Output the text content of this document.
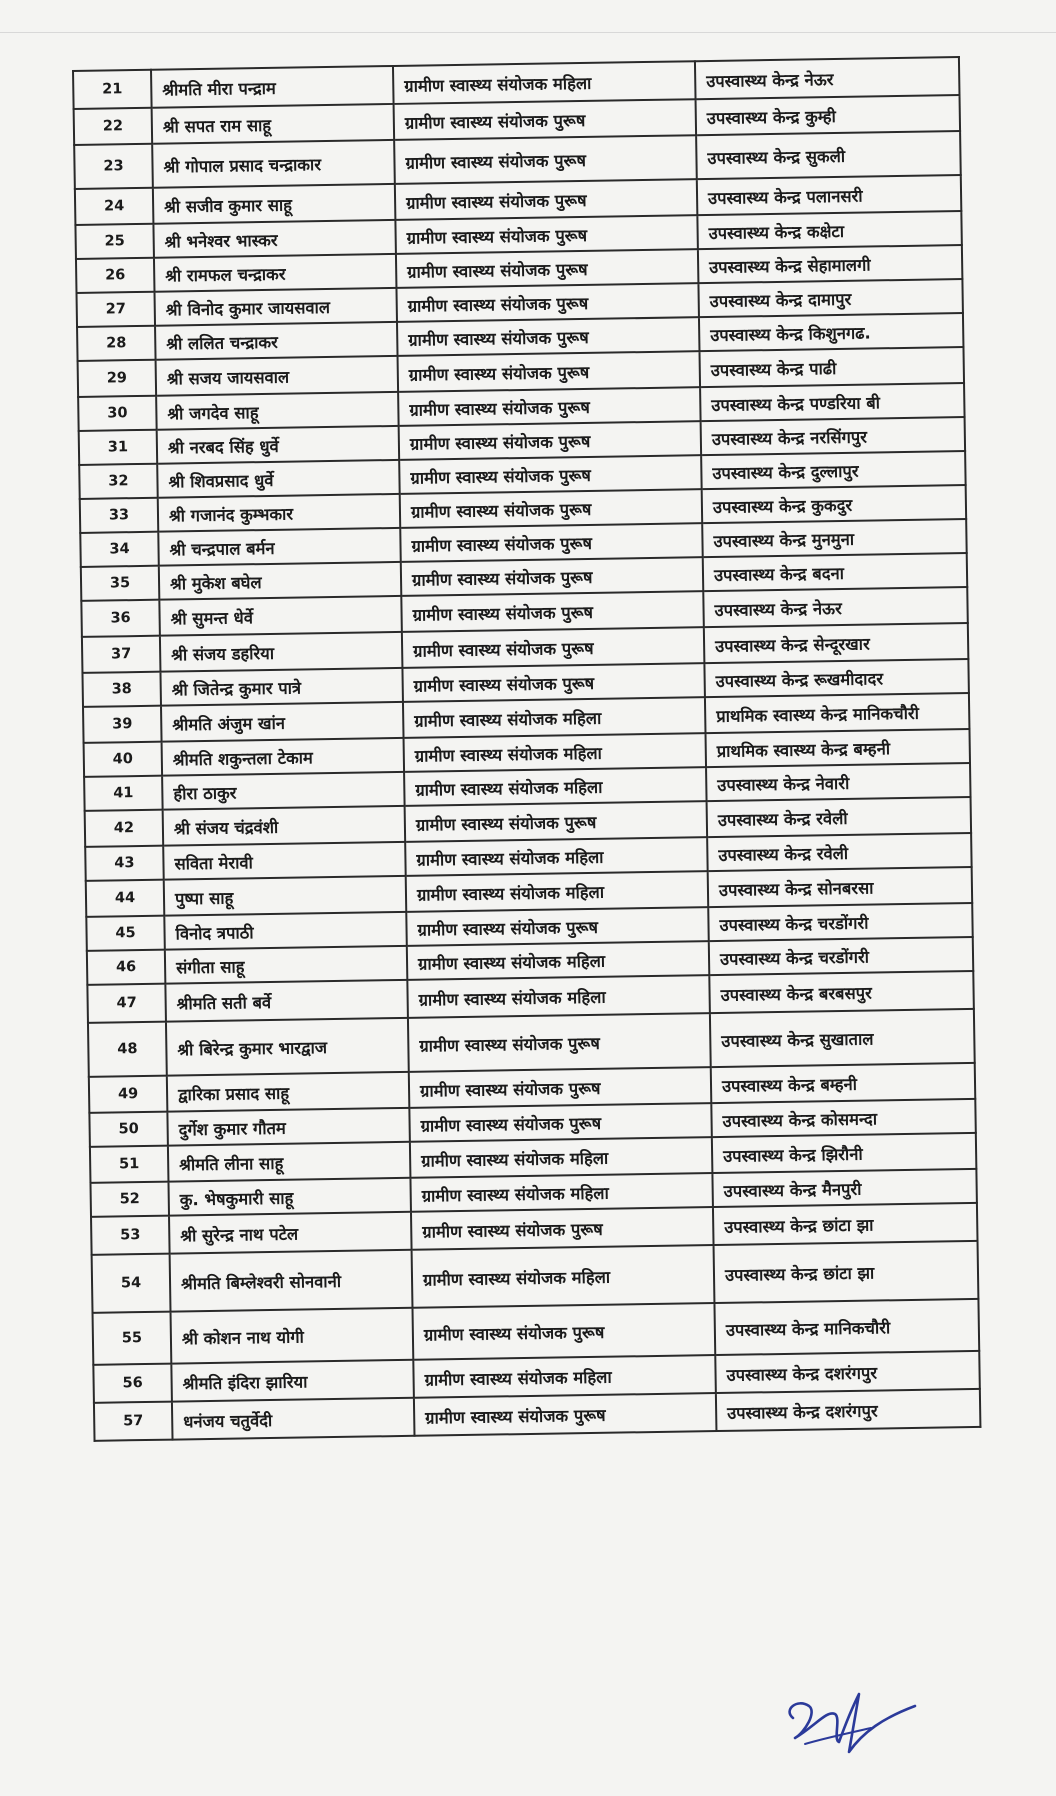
21	श्रीमति मीरा पन्द्राम	ग्रामीण स्वास्थ्य संयोजक महिला	उपस्वास्थ्य केन्द्र नेऊर
22	श्री सपत राम साहू	ग्रामीण स्वास्थ्य संयोजक पुरूष	उपस्वास्थ्य केन्द्र कुम्ही
23	श्री गोपाल प्रसाद चन्द्राकार	ग्रामीण स्वास्थ्य संयोजक पुरूष	उपस्वास्थ्य केन्द्र सुकली
24	श्री सजीव कुमार साहू	ग्रामीण स्वास्थ्य संयोजक पुरूष	उपस्वास्थ्य केन्द्र पलानसरी
25	श्री भनेश्वर भास्कर	ग्रामीण स्वास्थ्य संयोजक पुरूष	उपस्वास्थ्य केन्द्र कक्षेटा
26	श्री रामफल चन्द्राकर	ग्रामीण स्वास्थ्य संयोजक पुरूष	उपस्वास्थ्य केन्द्र सेहामालगी
27	श्री विनोद कुमार जायसवाल	ग्रामीण स्वास्थ्य संयोजक पुरूष	उपस्वास्थ्य केन्द्र दामापुर
28	श्री ललित चन्द्राकर	ग्रामीण स्वास्थ्य संयोजक पुरूष	उपस्वास्थ्य केन्द्र किशुनगढ.
29	श्री सजय जायसवाल	ग्रामीण स्वास्थ्य संयोजक पुरूष	उपस्वास्थ्य केन्द्र पाढी
30	श्री जगदेव साहू	ग्रामीण स्वास्थ्य संयोजक पुरूष	उपस्वास्थ्य केन्द्र पण्डरिया बी
31	श्री नरबद सिंह धुर्वे	ग्रामीण स्वास्थ्य संयोजक पुरूष	उपस्वास्थ्य केन्द्र नरसिंगपुर
32	श्री शिवप्रसाद धुर्वे	ग्रामीण स्वास्थ्य संयोजक पुरूष	उपस्वास्थ्य केन्द्र दुल्लापुर
33	श्री गजानंद कुम्भकार	ग्रामीण स्वास्थ्य संयोजक पुरूष	उपस्वास्थ्य केन्द्र कुकदुर
34	श्री चन्द्रपाल बर्मन	ग्रामीण स्वास्थ्य संयोजक पुरूष	उपस्वास्थ्य केन्द्र मुनमुना
35	श्री मुकेश बघेल	ग्रामीण स्वास्थ्य संयोजक पुरूष	उपस्वास्थ्य केन्द्र बदना
36	श्री सुमन्त धेर्वे	ग्रामीण स्वास्थ्य संयोजक पुरूष	उपस्वास्थ्य केन्द्र नेऊर
37	श्री संजय डहरिया	ग्रामीण स्वास्थ्य संयोजक पुरूष	उपस्वास्थ्य केन्द्र सेन्दूरखार
38	श्री जितेन्द्र कुमार पात्रे	ग्रामीण स्वास्थ्य संयोजक पुरूष	उपस्वास्थ्य केन्द्र रूखमीदादर
39	श्रीमति अंजुम खांन	ग्रामीण स्वास्थ्य संयोजक महिला	प्राथमिक स्वास्थ्य केन्द्र मानिकचौरी
40	श्रीमति शकुन्तला टेकाम	ग्रामीण स्वास्थ्य संयोजक महिला	प्राथमिक स्वास्थ्य केन्द्र बम्हनी
41	हीरा ठाकुर	ग्रामीण स्वास्थ्य संयोजक महिला	उपस्वास्थ्य केन्द्र नेवारी
42	श्री संजय चंद्रवंशी	ग्रामीण स्वास्थ्य संयोजक पुरूष	उपस्वास्थ्य केन्द्र रवेली
43	सविता मेरावी	ग्रामीण स्वास्थ्य संयोजक महिला	उपस्वास्थ्य केन्द्र रवेली
44	पुष्पा साहू	ग्रामीण स्वास्थ्य संयोजक महिला	उपस्वास्थ्य केन्द्र सोनबरसा
45	विनोद त्रपाठी	ग्रामीण स्वास्थ्य संयोजक पुरूष	उपस्वास्थ्य केन्द्र चरडोंगरी
46	संगीता साहू	ग्रामीण स्वास्थ्य संयोजक महिला	उपस्वास्थ्य केन्द्र चरडोंगरी
47	श्रीमति सती बर्वे	ग्रामीण स्वास्थ्य संयोजक महिला	उपस्वास्थ्य केन्द्र बरबसपुर
48	श्री बिरेन्द्र कुमार भारद्वाज	ग्रामीण स्वास्थ्य संयोजक पुरूष	उपस्वास्थ्य केन्द्र सुखाताल
49	द्वारिका प्रसाद साहू	ग्रामीण स्वास्थ्य संयोजक पुरूष	उपस्वास्थ्य केन्द्र बम्हनी
50	दुर्गेश कुमार गौतम	ग्रामीण स्वास्थ्य संयोजक पुरूष	उपस्वास्थ्य केन्द्र कोसमन्दा
51	श्रीमति लीना साहू	ग्रामीण स्वास्थ्य संयोजक महिला	उपस्वास्थ्य केन्द्र झिरौनी
52	कु. भेषकुमारी साहू	ग्रामीण स्वास्थ्य संयोजक महिला	उपस्वास्थ्य केन्द्र मैनपुरी
53	श्री सुरेन्द्र नाथ पटेल	ग्रामीण स्वास्थ्य संयोजक पुरूष	उपस्वास्थ्य केन्द्र छांटा झा
54	श्रीमति बिम्लेश्वरी सोनवानी	ग्रामीण स्वास्थ्य संयोजक महिला	उपस्वास्थ्य केन्द्र छांटा झा
55	श्री कोशन नाथ योगी	ग्रामीण स्वास्थ्य संयोजक पुरूष	उपस्वास्थ्य केन्द्र मानिकचौरी
56	श्रीमति इंदिरा झारिया	ग्रामीण स्वास्थ्य संयोजक महिला	उपस्वास्थ्य केन्द्र दशरंगपुर
57	धनंजय चतुर्वेदी	ग्रामीण स्वास्थ्य संयोजक पुरूष	उपस्वास्थ्य केन्द्र दशरंगपुर
